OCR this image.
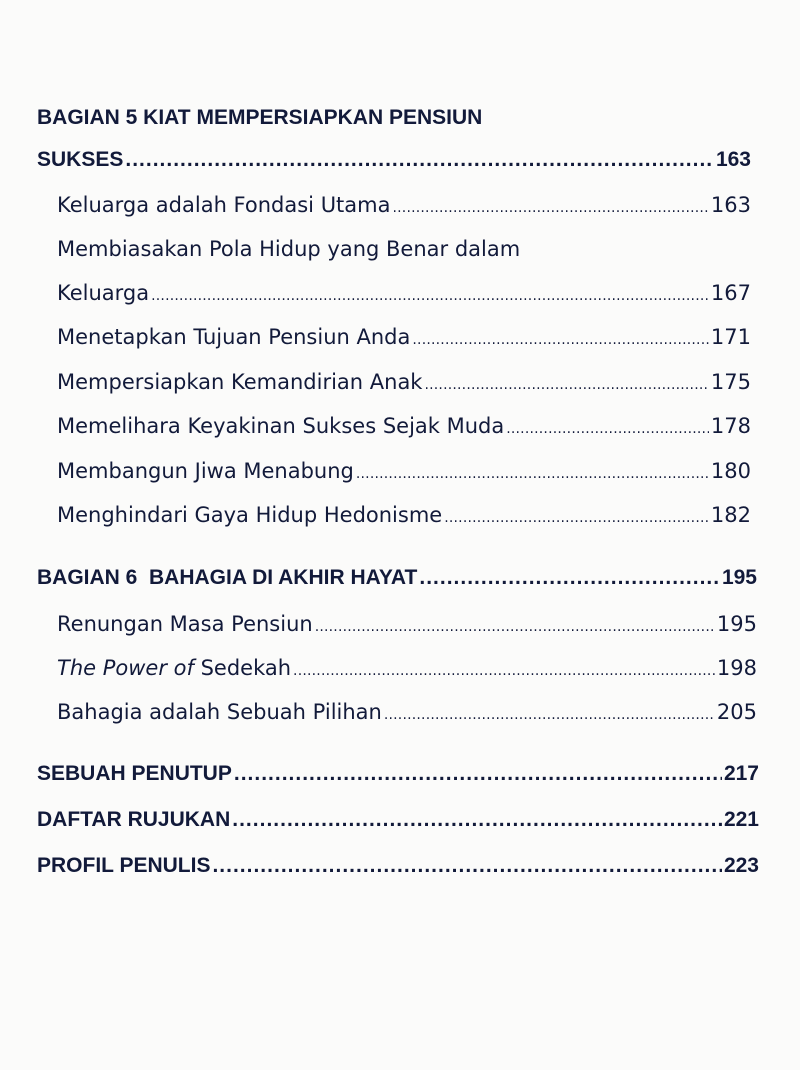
BAGIAN 5 KIAT MEMPERSIAPKAN PENSIUN
SUKSES .....	163
Keluarga adalah Fondasi Utama .....	163
Membiasakan Pola Hidup yang Benar dalam
Keluarga .....	167
Menetapkan Tujuan Pensiun Anda .....	171
Mempersiapkan Kemandirian Anak .....	175
Memelihara Keyakinan Sukses Sejak Muda .....	178
Membangun Jiwa Menabung .....	180
Menghindari Gaya Hidup Hedonisme .....	182
BAGIAN 6  BAHAGIA DI AKHIR HAYAT .....	195
Renungan Masa Pensiun .....	195
The Power of Sedekah .....	198
Bahagia adalah Sebuah Pilihan .....	205
SEBUAH PENUTUP .....	217
DAFTAR RUJUKAN .....	221
PROFIL PENULIS .....	223
